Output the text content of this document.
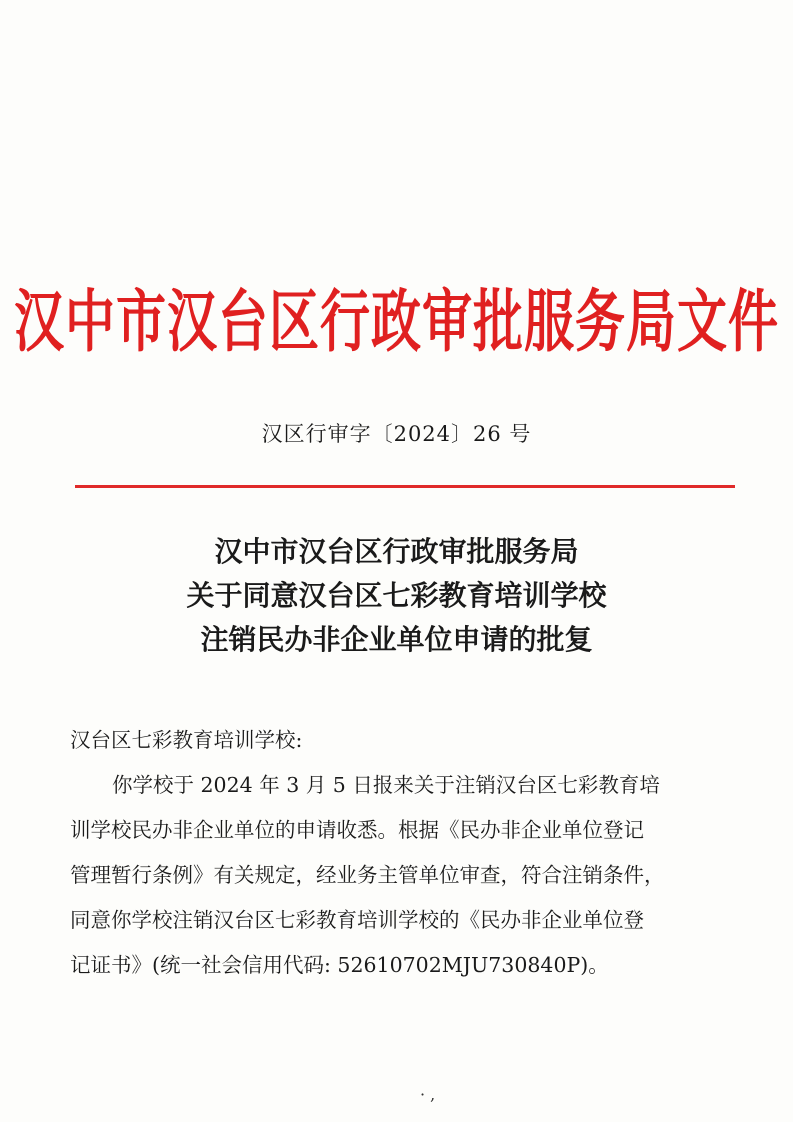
汉中市汉台区行政审批服务局文件
汉区行审字〔2024〕26 号
汉中市汉台区行政审批服务局
关于同意汉台区七彩教育培训学校
注销民办非企业单位申请的批复
汉台区七彩教育培训学校:
你学校于 2024 年 3 月 5 日报来关于注销汉台区七彩教育培
训学校民办非企业单位的申请收悉。根据《民办非企业单位登记
管理暂行条例》有关规定，经业务主管单位审查，符合注销条件，
同意你学校注销汉台区七彩教育培训学校的《民办非企业单位登
记证书》(统一社会信用代码: 52610702MJU730840P)。
· ,
